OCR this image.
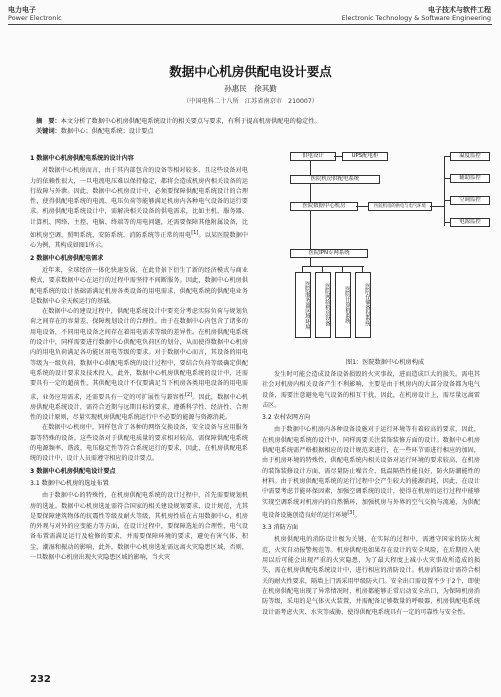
电力电子
Power Electronic
电子技术与软件工程
Electronic Technology & Software Engineering
数据中心机房供配电设计要点
孙惠民　徐其勤
（中国电科二十八所　江苏省南京市　210007）
摘　要：本文分析了数据中心机房供配电系统设计的相关要点与要求，有利于提高机房供配电的稳定性。
关键词：数据中心；供配电系统；设计要点
1 数据中心机房供配电系统的设计内容
对数据中心机房而言，由于其内部包含的设备等相对较多，且这些设备对电力的依赖性很大，一旦电流电压难以保持稳定，都将会造成机房内相关设备的运行故障与外泄。因此，数据中心机房设计中，必须要保障供配电系统设计的合理性，使得供配电系统的电流、电压负荷等能够满足机房内各种电气设备的运行要求。机房供配电系统设计中，需解决相关设备的供电需求，比如主机、服务器、计算机、网络、主控、电脑、终端等的用电问题，还需要保障其他附属设备，比如机房空调、照明系统、安防系统、消防系统等正常的用电[1]。以某医院数据中心为例，其构成如图1所示。
2 数据中心机房供配电需求
近年来，全球经济一体化快速发展，在此背景下衍生了新的经济模式与商业模式，要求数据中心在运行的过程中需坚持不间断服务。因此，数据中心机房供配电系统的设计基础需满足机房各类设备的用电需求，供配电系统的供配电业务是数据中心全天候运行的基础。
在数据中心的建设过程中，供配电系统设计中要充分考虑实际负荷与规划负荷之间存在的容量差，保障规划设计的合理性。由于在数据中心内包含了诸多的用电设备，不同用电设备之间存在着用电需求等级的差异性。在机房供配电系统的设计中，同样需要进行数据中心供配电负荷区的划分，从而使得数据中心机房内的用电负荷满足各功能区用电等级的要求。对于数据中心而言，其设备的用电等级为一级负荷，数据中心供配电系统的设计过程中，要结合负荷等级确定供配电系统的设计要求及技术投入，此外，数据中心机房供配电系统的设计中，还需要具有一定的超前性，其供配电设计不仅要满足当下机房各类用电设备的用电需求，业务应用需求，还需要具有一定的可扩展性与兼容性[2]。因此，数据中心机房供配电系统设计，需符合近期与远期目标的要求，遵循科学性、经济性、合理性的设计原则，尽量实现机房供配电系统运行中不必要的能源与资源消耗。
在数据中心机房中，同样包含了各种的网络交换设备，安全设备与应用服务器等特殊的设备。这些设备对于供配电质量的要求相对较高，需保障供配电系统的电源频率、谐波、电压稳定性等符合系统运行的要求，因此，在机房供配电系统的设计中，设计人员需遵守相应的设计要点。
3 数据中心机房供配电设计要点
3.1 数据中心机房的选址布置
由于数据中心的特殊性，在机房供配电系统的设计过程中，首先需要规划机房的选址。数据中心机房选址需符合国家的相关建设规划要求、设计规范，尤其是要保障建筑物体的抗震性等级及耐火等级，其机房性质在占用数据中心，机房的外观与对外的应变能力等方面，在设计过程中，要保障选址的合理性，电气设备布置需满足运行及检修的要求，并需要保障环境的要求，避免有害气体、积尘、潮湿和振动的影响，此外，数据中心机房选址需远离火灾隐患区域，否则，一旦数据中心机房出现火灾隐患区域的影响，当火灾
发生时可能会造成设备设备损毁的火灾事故，进而造成巨大的损失。需电其社会对机房内相关设备产生不利影响，主要是由于机房内的大部分设备都为电气设备，需要注意避免电气设备的相互干扰，因此，在机房设计上，需尽量远离雷击区。
3.2 农村农网方向
由于数据中心机房内各种设备设施对于运行环境等有着较高的要求，因此，在机房供配电系统的设计中，同样需要关注装饰装修方面的设计。数据中心机房供配电系统需严格根据相应的设计规范来进行，在一些环节需进行相应的加固，由于机房环境的特殊性，供配电系统内相关设备对运行环境的要求较高，在机房的装饰装修设计方面，需尽量防止噪音介、低温隔热性能良好，防火防潮能性的材料。由于机房供配电系统的运行过程中会产生较大的能源消耗，因此，在设计中需要考虑节能环保因素，加强空调系统的设计，使得在机房的运行过程中能够实现空调系统对机房内的自然循环，加强机房与外界的空气交换与流通，为供配电设备设施创造良好的运行环境[3]。
3.3 消防方面
机房供配电的消防设计极为关键，在实际的过程中，需遵守国家的防火规范，火灾自动报警规范等。机房供配电如果存在设计的安全风险，在后期投入使用以后可能会出现严重的火灾隐患，为了最大程度上减小火灾事故所造成的损失，需在机房供配电系统设计中，进行相应的消防设计。机房消防设计需符合相关的耐火性要求，隔墙上门需采用甲级防火门。安全出口需设置不少于2个，即使在机房供配电出现了异常情况时，机房都能够正常启动安全出口，为保障机房消防等级，采用的是气体灭火装置，并需配备足够数量的呼吸器，机房供配电系统设计需考虑火灾、水灾等威胁，使得供配电系统具有一定的可靠性与安全性。
供电设计	UPS配电柜
医院机房供配电系统
医院数据中心机房	医院机房的供电与电气环境
温度监控
辅助监控
空调监控
电源监控
医院IPN专网系统
医院服务器区域环境	医院网络机房设备	医院计算机系统	医院存储备份系统
图1：医院数据中心机房构成
232
